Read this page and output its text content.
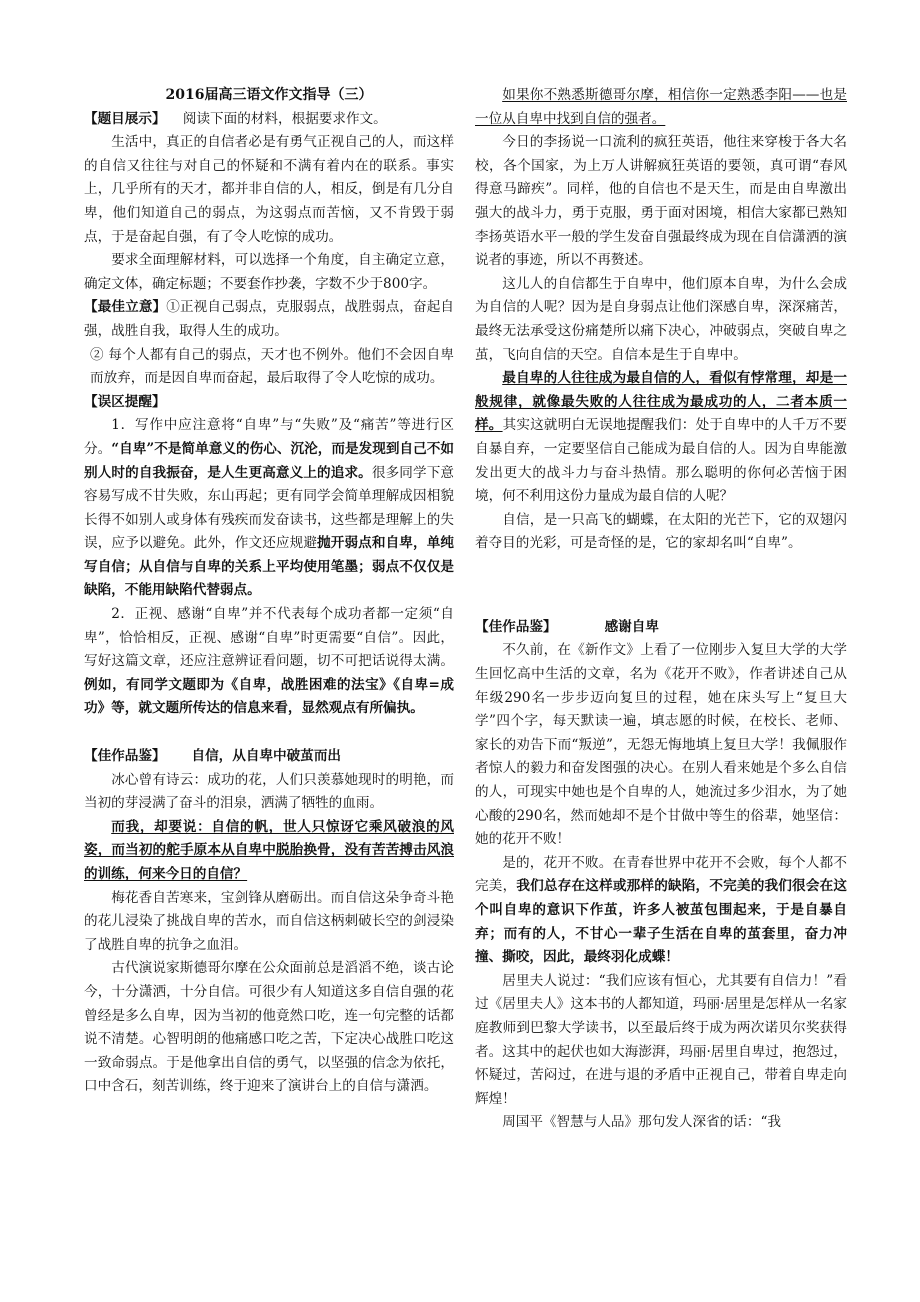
2016届高三语文作文指导（三）

【题目展示】 阅读下面的材料，根据要求作文。

生活中，真正的自信者必是有勇气正视自己的人，而这样的自信又往往与对自己的怀疑和不满有着内在的联系。事实上，几乎所有的天才，都并非自信的人，相反，倒是有几分自卑，他们知道自己的弱点，为这弱点而苦恼，又不肯毁于弱点，于是奋起自强，有了令人吃惊的成功。

要求全面理解材料，可以选择一个角度，自主确定立意，确定文体，确定标题；不要套作抄袭，字数不少于800字。

【最佳立意】①正视自己弱点，克服弱点，战胜弱点，奋起自强，战胜自我，取得人生的成功。

② 每个人都有自己的弱点，天才也不例外。他们不会因自卑而放弃，而是因自卑而奋起，最后取得了令人吃惊的成功。

【误区提醒】

1．写作中应注意将“自卑”与“失败”及“痛苦”等进行区分。“自卑”不是简单意义的伤心、沉沦，而是发现到自己不如别人时的自我振奋，是人生更高意义上的追求。很多同学下意容易写成不甘失败，东山再起；更有同学会简单理解成因相貌长得不如别人或身体有残疾而发奋读书，这些都是理解上的失误，应予以避免。此外，作文还应规避抛开弱点和自卑，单纯写自信；从自信与自卑的关系上平均使用笔墨；弱点不仅仅是缺陷，不能用缺陷代替弱点。

2．正视、感谢“自卑”并不代表每个成功者都一定须“自卑”，恰恰相反，正视、感谢“自卑”时更需要“自信”。因此，写好这篇文章，还应注意辨证看问题，切不可把话说得太满。例如，有同学文题即为《自卑，战胜困难的法宝》《自卑=成功》等，就文题所传达的信息来看，显然观点有所偏执。

【佳作品鉴】 自信，从自卑中破茧而出

冰心曾有诗云：成功的花，人们只羡慕她现时的明艳，而当初的芽浸满了奋斗的泪泉，洒满了牺牲的血雨。

而我，却要说：自信的帆，世人只惊讶它乘风破浪的风姿，而当初的舵手原本从自卑中脱胎换骨，没有苦苦搏击风浪的训练，何来今日的自信？

梅花香自苦寒来，宝剑锋从磨砺出。而自信这朵争奇斗艳的花儿浸染了挑战自卑的苦水，而自信这柄刺破长空的剑浸染了战胜自卑的抗争之血泪。

古代演说家斯德哥尔摩在公众面前总是滔滔不绝，谈古论今，十分潇洒，十分自信。可很少有人知道这多自信自强的花曾经是多么自卑，因为当初的他竟然口吃，连一句完整的话都说不清楚。心智明朗的他痛感口吃之苦，下定决心战胜口吃这一致命弱点。于是他拿出自信的勇气，以坚强的信念为依托，口中含石，刻苦训练，终于迎来了演讲台上的自信与潇洒。

如果你不熟悉斯德哥尔摩，相信你一定熟悉李阳——也是一位从自卑中找到自信的强者。

今日的李扬说一口流利的疯狂英语，他往来穿梭于各大名校，各个国家，为上万人讲解疯狂英语的要领，真可谓“春风得意马蹄疾”。同样，他的自信也不是天生，而是由自卑激出强大的战斗力，勇于克服，勇于面对困境，相信大家都已熟知李扬英语水平一般的学生发奋自强最终成为现在自信潇洒的演说者的事迹，所以不再赘述。

这儿人的自信都生于自卑中，他们原本自卑，为什么会成为自信的人呢？因为是自身弱点让他们深感自卑，深深痛苦，最终无法承受这份痛楚所以痛下决心，冲破弱点，突破自卑之茧，飞向自信的天空。自信本是生于自卑中。

最自卑的人往往成为最自信的人，看似有悖常理，却是一般规律，就像最失败的人往往成为最成功的人，二者本质一样。其实这就明白无误地提醒我们：处于自卑中的人千万不要自暴自弃，一定要坚信自己能成为最自信的人。因为自卑能激发出更大的战斗力与奋斗热情。那么聪明的你何必苦恼于困境，何不利用这份力量成为最自信的人呢？

自信，是一只高飞的蝴蝶，在太阳的光芒下，它的双翅闪着夺目的光彩，可是奇怪的是，它的家却名叫“自卑”。

【佳作品鉴】	感谢自卑

不久前，在《新作文》上看了一位刚步入复旦大学的大学生回忆高中生活的文章，名为《花开不败》，作者讲述自己从年级290名一步步迈向复旦的过程，她在床头写上“复旦大学”四个字，每天默读一遍，填志愿的时候，在校长、老师、家长的劝告下而“叛逆”，无怨无悔地填上复旦大学！我佩服作者惊人的毅力和奋发图强的决心。在别人看来她是个多么自信的人，可现实中她也是个自卑的人，她流过多少泪水，为了她心酸的290名，然而她却不是个甘做中等生的俗辈，她坚信：她的花开不败！

是的，花开不败。在青春世界中花开不会败，每个人都不完美，我们总存在这样或那样的缺陷，不完美的我们很会在这个叫自卑的意识下作茧，许多人被茧包围起来，于是自暴自弃；而有的人，不甘心一辈子生活在自卑的茧套里，奋力冲撞、撕咬，因此，最终羽化成蝶！

居里夫人说过：“我们应该有恒心，尤其要有自信力！”看过《居里夫人》这本书的人都知道，玛丽·居里是怎样从一名家庭教师到巴黎大学读书，以至最后终于成为两次诺贝尔奖获得者。这其中的起伏也如大海澎湃，玛丽·居里自卑过，抱怨过，怀疑过，苦闷过，在进与退的矛盾中正视自己，带着自卑走向辉煌！

周国平《智慧与人品》那句发人深省的话：“我
